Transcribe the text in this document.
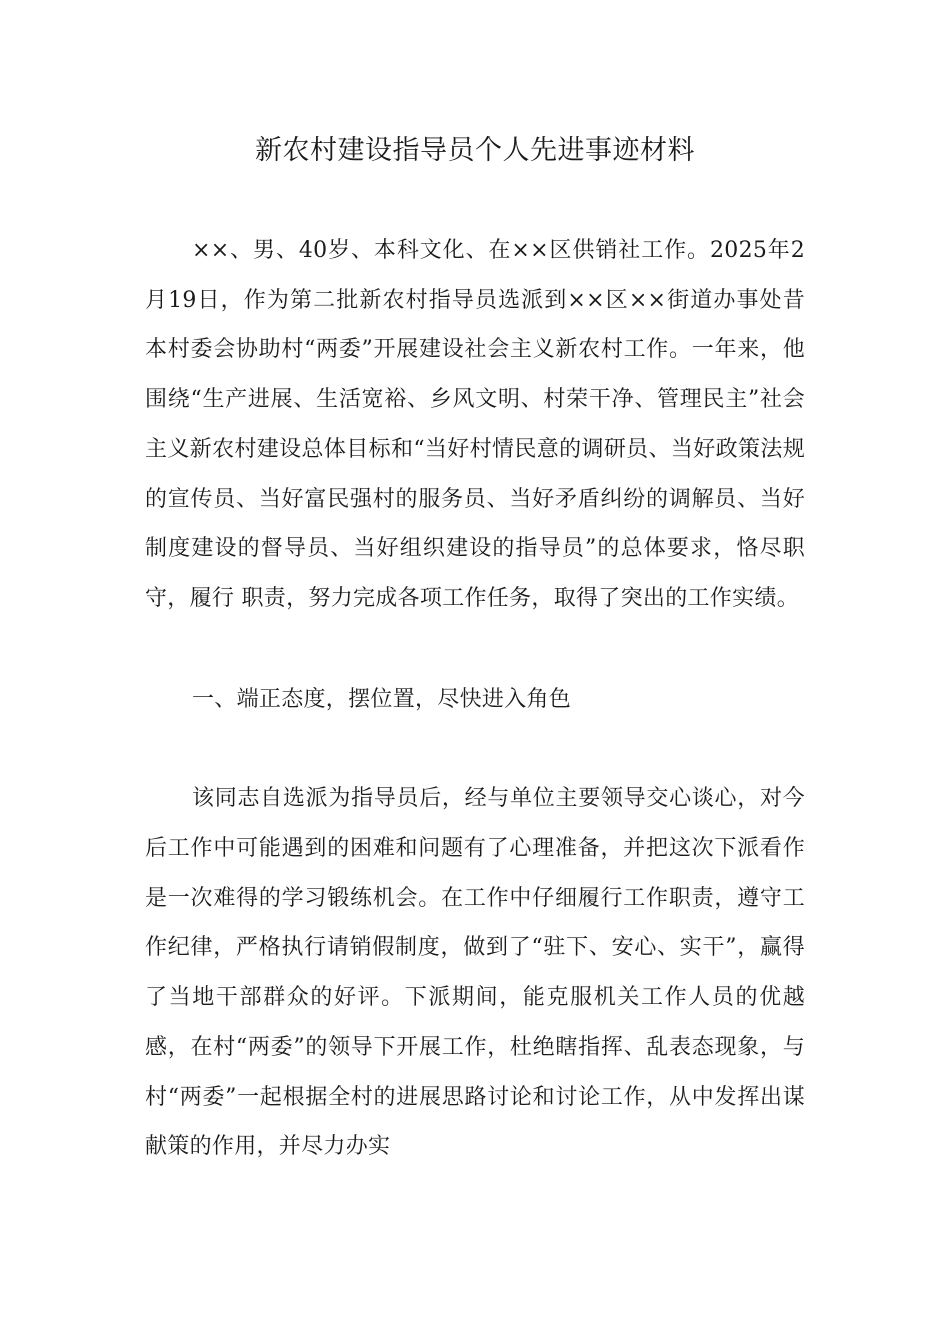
新农村建设指导员个人先进事迹材料

××、男、40岁、本科文化、在××区供销社工作。2025年2月19日，作为第二批新农村指导员选派到××区××街道办事处昔本村委会协助村“两委”开展建设社会主义新农村工作。一年来，他围绕“生产进展、生活宽裕、乡风文明、村荣干净、管理民主”社会主义新农村建设总体目标和“当好村情民意的调研员、当好政策法规的宣传员、当好富民强村的服务员、当好矛盾纠纷的调解员、当好制度建设的督导员、当好组织建设的指导员”的总体要求，恪尽职守，履行 职责，努力完成各项工作任务，取得了突出的工作实绩。

一、端正态度，摆位置，尽快进入角色

该同志自选派为指导员后，经与单位主要领导交心谈心，对今后工作中可能遇到的困难和问题有了心理准备，并把这次下派看作是一次难得的学习锻练机会。在工作中仔细履行工作职责，遵守工作纪律，严格执行请销假制度，做到了“驻下、安心、实干”，赢得了当地干部群众的好评。下派期间，能克服机关工作人员的优越感，在村“两委”的领导下开展工作，杜绝瞎指挥、乱表态现象，与村“两委”一起根据全村的进展思路讨论和讨论工作，从中发挥出谋献策的作用，并尽力办实
